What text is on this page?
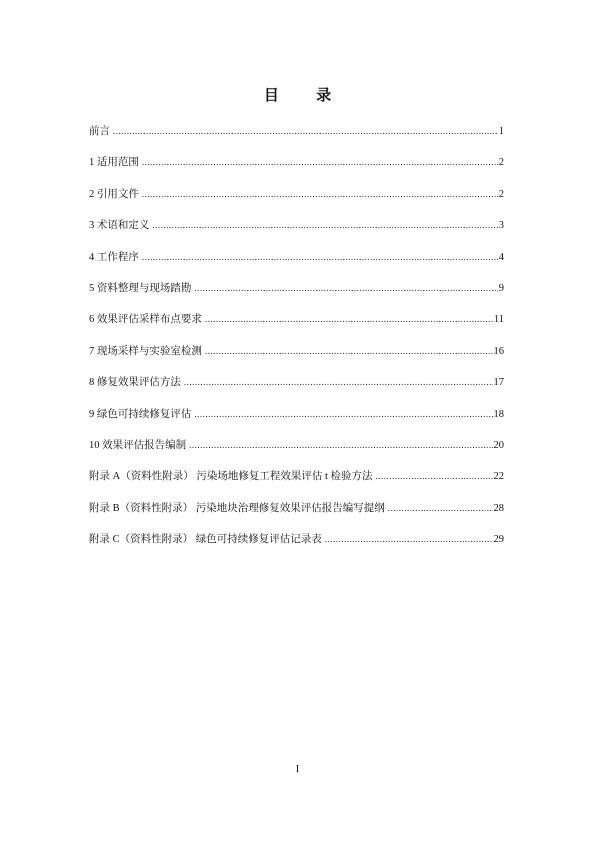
目 录
前言 .....	1
1 适用范围 .....	2
2 引用文件 .....	2
3 术语和定义 .....	3
4 工作程序 .....	4
5 资料整理与现场踏勘 .....	9
6 效果评估采样布点要求 .....	11
7 现场采样与实验室检测 .....	16
8 修复效果评估方法 .....	17
9 绿色可持续修复评估 .....	18
10 效果评估报告编制 .....	20
附录 A（资料性附录） 污染场地修复工程效果评估 t 检验方法 .....	22
附录 B（资料性附录） 污染地块治理修复效果评估报告编写提纲 .....	28
附录 C（资料性附录） 绿色可持续修复评估记录表 .....	29
I
